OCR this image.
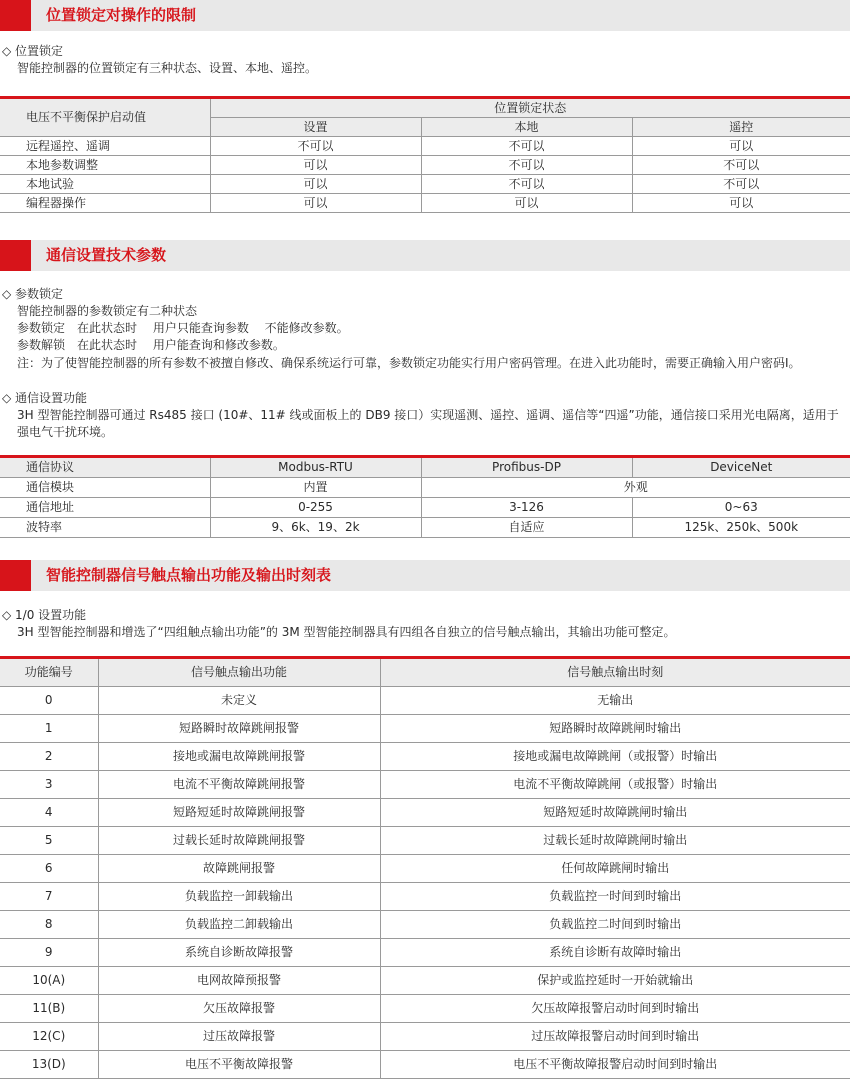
位置锁定对操作的限制
◇ 位置锁定
智能控制器的位置锁定有三种状态、设置、本地、遥控。
电压不平衡保护启动值	位置锁定状态		
	设置	本地	遥控
远程遥控、遥调	不可以	不可以	可以
本地参数调整	可以	不可以	不可以
本地试验	可以	不可以	不可以
编程器操作	可以	可以	可以
通信设置技术参数
◇ 参数锁定
智能控制器的参数锁定有二种状态
参数锁定　在此状态时　 用户只能查询参数　 不能修改参数。
参数解锁　在此状态时　 用户能查询和修改参数。
注：为了使智能控制器的所有参数不被擅自修改、确保系统运行可靠，参数锁定功能实行用户密码管理。在进入此功能时，需要正确输入用户密码Ⅰ。
◇ 通信设置功能
3H 型智能控制器可通过 Rs485 接口 (10#、11# 线或面板上的 DB9 接口）实现遥测、遥控、遥调、遥信等“四遥”功能，通信接口采用光电隔离，适用于强电气干扰环境。
通信协议	Modbus-RTU	Profibus-DP	DeviceNet
通信模块	内置	外观	
通信地址	0-255	3-126	0~63
波特率	9、6k、19、2k	自适应	125k、250k、500k
智能控制器信号触点输出功能及输出时刻表
◇ 1/0 设置功能
3H 型智能控制器和增选了“四组触点输出功能”的 3M 型智能控制器具有四组各自独立的信号触点输出，其输出功能可整定。
功能编号	信号触点输出功能	信号触点输出时刻
0	未定义	无输出
1	短路瞬时故障跳闸报警	短路瞬时故障跳闸时输出
2	接地或漏电故障跳闸报警	接地或漏电故障跳闸（或报警）时输出
3	电流不平衡故障跳闸报警	电流不平衡故障跳闸（或报警）时输出
4	短路短延时故障跳闸报警	短路短延时故障跳闸时输出
5	过载长延时故障跳闸报警	过载长延时故障跳闸时输出
6	故障跳闸报警	任何故障跳闸时输出
7	负载监控一卸载输出	负载监控一时间到时输出
8	负载监控二卸载输出	负载监控二时间到时输出
9	系统自诊断故障报警	系统自诊断有故障时输出
10(A)	电网故障预报警	保护或监控延时一开始就输出
11(B)	欠压故障报警	欠压故障报警启动时间到时输出
12(C)	过压故障报警	过压故障报警启动时间到时输出
13(D)	电压不平衡故障报警	电压不平衡故障报警启动时间到时输出
